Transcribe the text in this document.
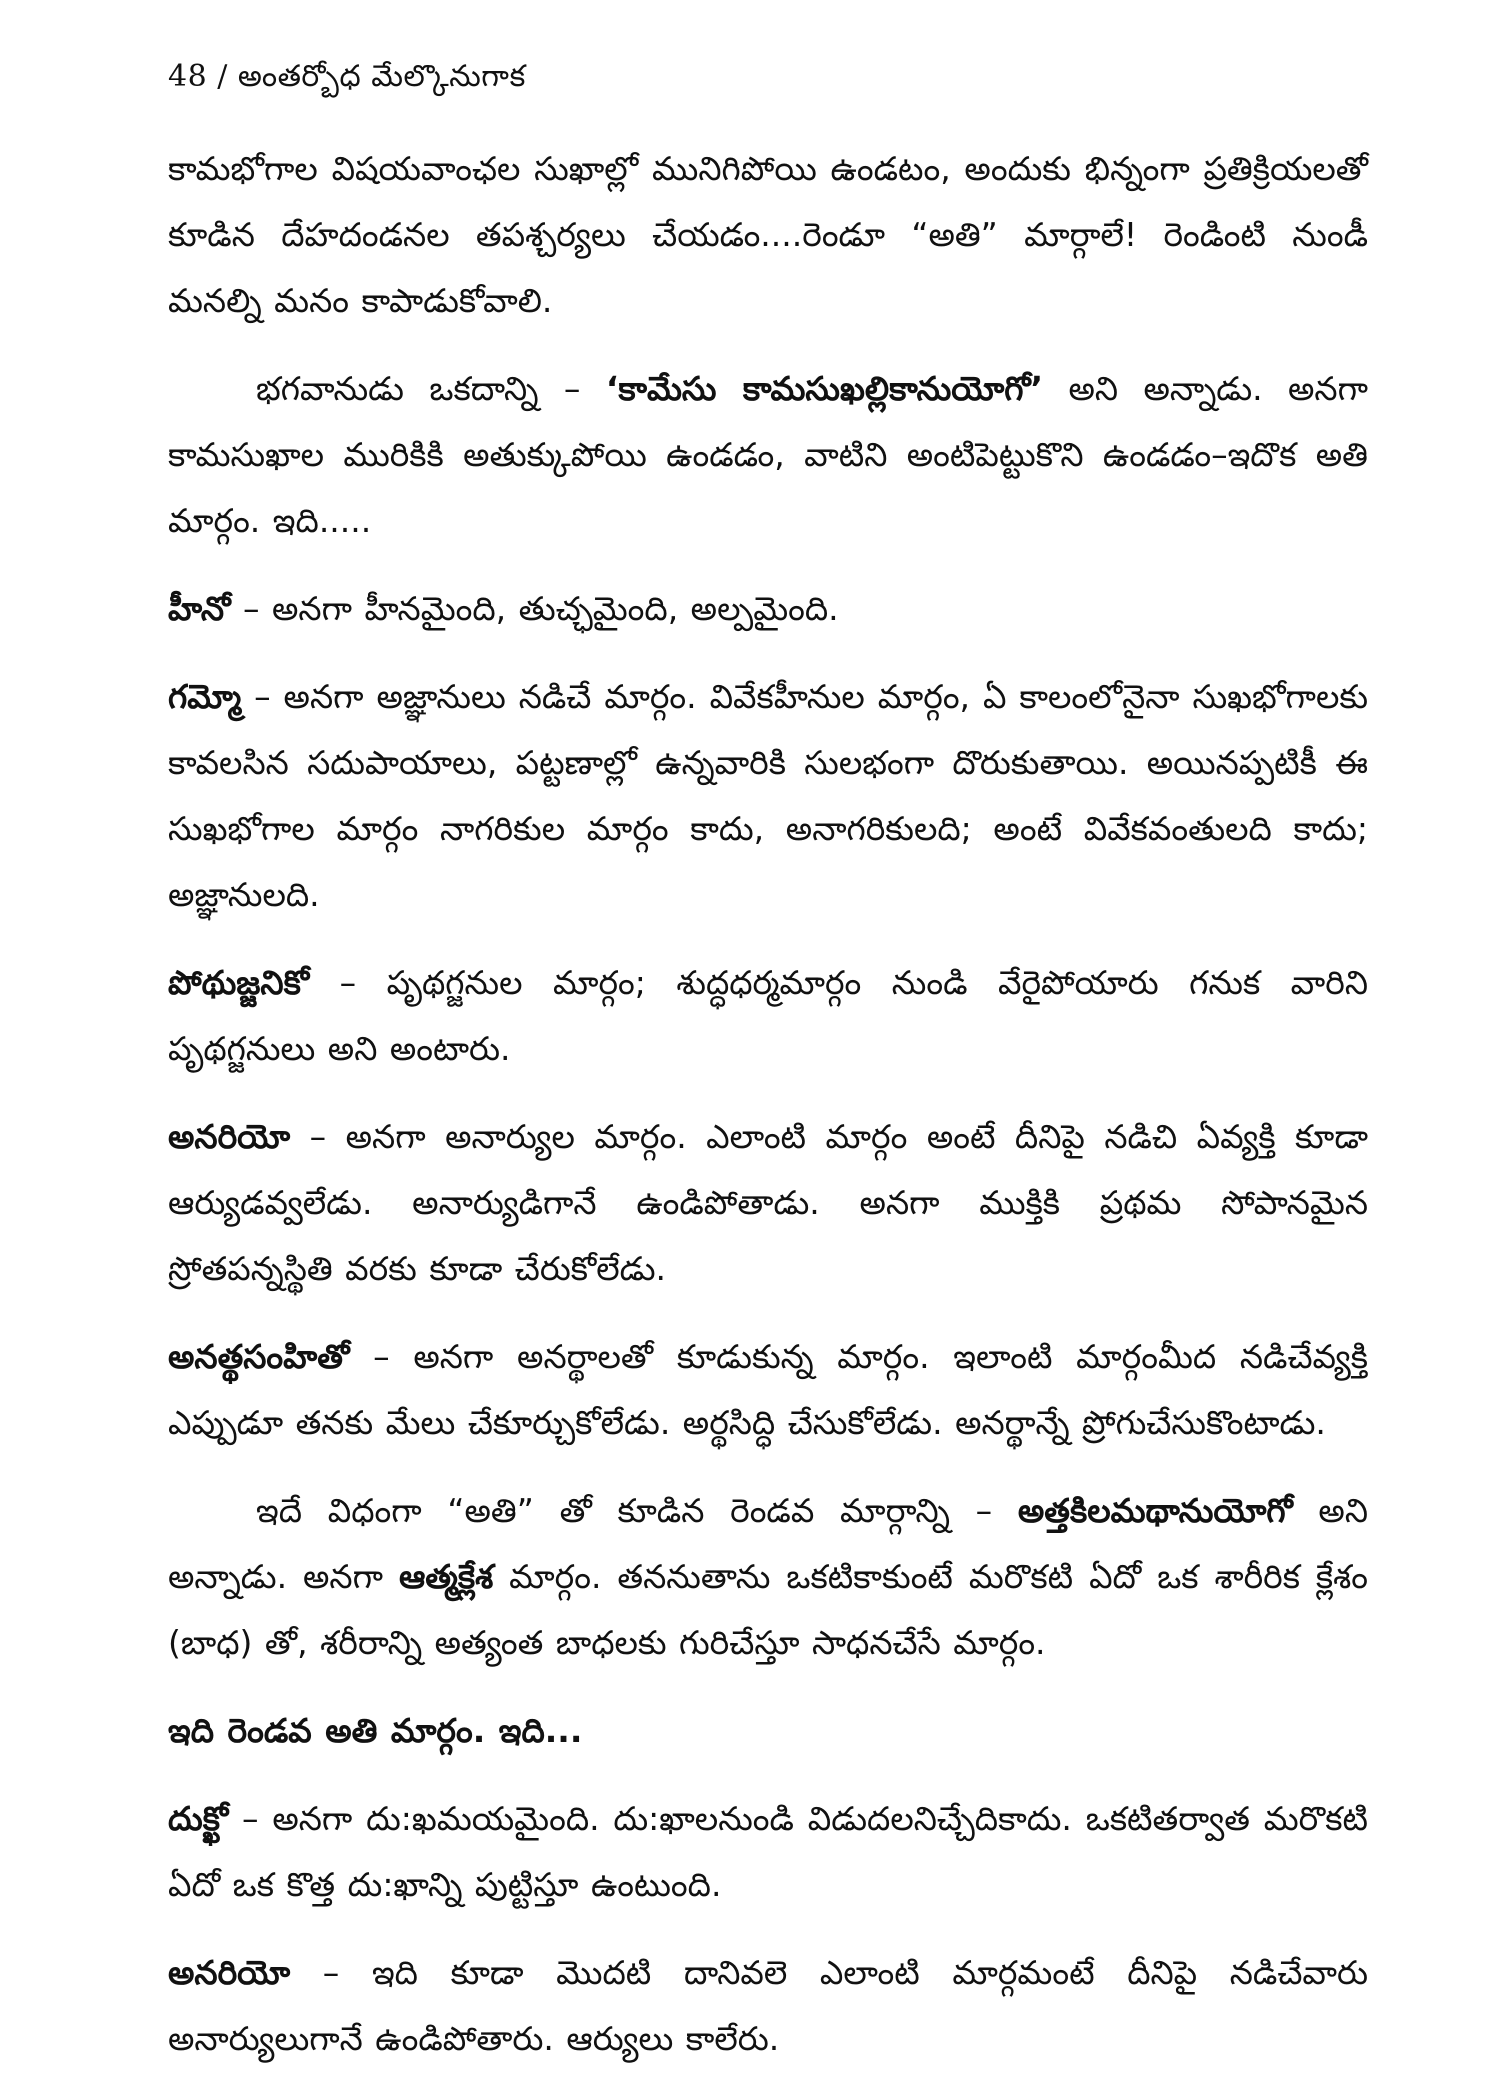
48 / అంతర్బోధ మేల్కొనుగాక

కామభోగాల విషయవాంఛల సుఖాల్లో మునిగిపోయి ఉండటం, అందుకు భిన్నంగా ప్రతిక్రియలతో కూడిన దేహదండనల తపశ్చర్యలు చేయడం....రెండూ “అతి” మార్గాలే! రెండింటి నుండీ మనల్ని మనం కాపాడుకోవాలి.

భగవానుడు ఒకదాన్ని – ‘కామేసు కామసుఖల్లికానుయోగో’ అని అన్నాడు. అనగా కామసుఖాల మురికికి అతుక్కుపోయి ఉండడం, వాటిని అంటిపెట్టుకొని ఉండడం–ఇదొక అతి మార్గం. ఇది.....

హీనో – అనగా హీనమైంది, తుచ్ఛమైంది, అల్పమైంది.

గమ్మో – అనగా అజ్ఞానులు నడిచే మార్గం. వివేకహీనుల మార్గం, ఏ కాలంలోనైనా సుఖభోగాలకు కావలసిన సదుపాయాలు, పట్టణాల్లో ఉన్నవారికి సులభంగా దొరుకుతాయి. అయినప్పటికీ ఈ సుఖభోగాల మార్గం నాగరికుల మార్గం కాదు, అనాగరికులది; అంటే వివేకవంతులది కాదు; అజ్ఞానులది.

పోథుజ్జనికో – పృథగ్జనుల మార్గం; శుద్ధధర్మమార్గం నుండి వేరైపోయారు గనుక వారిని పృథగ్జనులు అని అంటారు.

అనరియో – అనగా అనార్యుల మార్గం. ఎలాంటి మార్గం అంటే దీనిపై నడిచి ఏవ్యక్తి కూడా ఆర్యుడవ్వలేడు. అనార్యుడిగానే ఉండిపోతాడు. అనగా ముక్తికి ప్రథమ సోపానమైన స్రోతపన్నస్థితి వరకు కూడా చేరుకోలేడు.

అనత్థసంహితో – అనగా అనర్థాలతో కూడుకున్న మార్గం. ఇలాంటి మార్గంమీద నడిచేవ్యక్తి ఎప్పుడూ తనకు మేలు చేకూర్చుకోలేడు. అర్థసిద్ధి చేసుకోలేడు. అనర్థాన్నే ప్రోగుచేసుకొంటాడు.

ఇదే విధంగా “అతి” తో కూడిన రెండవ మార్గాన్ని – అత్తకిలమథానుయోగో అని అన్నాడు. అనగా ఆత్మక్లేశ మార్గం. తననుతాను ఒకటికాకుంటే మరొకటి ఏదో ఒక శారీరిక క్లేశం (బాధ) తో, శరీరాన్ని అత్యంత బాధలకు గురిచేస్తూ సాధనచేసే మార్గం.

ఇది రెండవ అతి మార్గం. ఇది...

దుక్ఖో – అనగా దు:ఖమయమైంది. దు:ఖాలనుండి విడుదలనిచ్చేదికాదు. ఒకటితర్వాత మరొకటి ఏదో ఒక కొత్త దు:ఖాన్ని పుట్టిస్తూ ఉంటుంది.

అనరియో – ఇది కూడా మొదటి దానివలె ఎలాంటి మార్గమంటే దీనిపై నడిచేవారు అనార్యులుగానే ఉండిపోతారు. ఆర్యులు కాలేరు.
